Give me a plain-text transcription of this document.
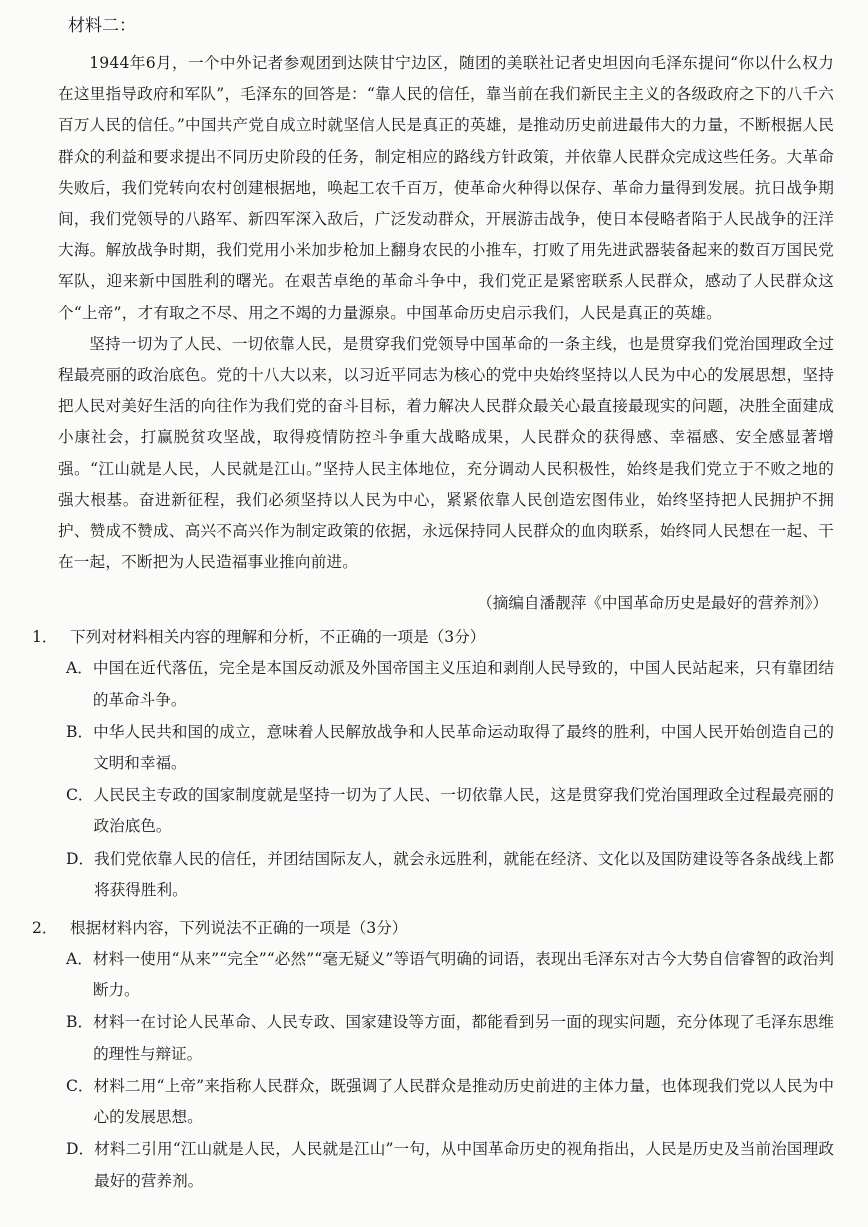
材料二：

1944年6月，一个中外记者参观团到达陕甘宁边区，随团的美联社记者史坦因向毛泽东提问“你以什么权力在这里指导政府和军队”，毛泽东的回答是：“靠人民的信任，靠当前在我们新民主主义的各级政府之下的八千六百万人民的信任。”中国共产党自成立时就坚信人民是真正的英雄，是推动历史前进最伟大的力量，不断根据人民群众的利益和要求提出不同历史阶段的任务，制定相应的路线方针政策，并依靠人民群众完成这些任务。大革命失败后，我们党转向农村创建根据地，唤起工农千百万，使革命火种得以保存、革命力量得到发展。抗日战争期间，我们党领导的八路军、新四军深入敌后，广泛发动群众，开展游击战争，使日本侵略者陷于人民战争的汪洋大海。解放战争时期，我们党用小米加步枪加上翻身农民的小推车，打败了用先进武器装备起来的数百万国民党军队，迎来新中国胜利的曙光。在艰苦卓绝的革命斗争中，我们党正是紧密联系人民群众，感动了人民群众这个“上帝”，才有取之不尽、用之不竭的力量源泉。中国革命历史启示我们，人民是真正的英雄。

坚持一切为了人民、一切依靠人民，是贯穿我们党领导中国革命的一条主线，也是贯穿我们党治国理政全过程最亮丽的政治底色。党的十八大以来，以习近平同志为核心的党中央始终坚持以人民为中心的发展思想，坚持把人民对美好生活的向往作为我们党的奋斗目标，着力解决人民群众最关心最直接最现实的问题，决胜全面建成小康社会，打赢脱贫攻坚战，取得疫情防控斗争重大战略成果，人民群众的获得感、幸福感、安全感显著增强。“江山就是人民，人民就是江山。”坚持人民主体地位，充分调动人民积极性，始终是我们党立于不败之地的强大根基。奋进新征程，我们必须坚持以人民为中心，紧紧依靠人民创造宏图伟业，始终坚持把人民拥护不拥护、赞成不赞成、高兴不高兴作为制定政策的依据，永远保持同人民群众的血肉联系，始终同人民想在一起、干在一起，不断把为人民造福事业推向前进。

（摘编自潘靓萍《中国革命历史是最好的营养剂》）
1． 下列对材料相关内容的理解和分析，不正确的一项是（3分）
A． 中国在近代落伍，完全是本国反动派及外国帝国主义压迫和剥削人民导致的，中国人民站起来，只有靠团结的革命斗争。
B． 中华人民共和国的成立，意味着人民解放战争和人民革命运动取得了最终的胜利，中国人民开始创造自己的文明和幸福。
C． 人民民主专政的国家制度就是坚持一切为了人民、一切依靠人民，这是贯穿我们党治国理政全过程最亮丽的政治底色。
D． 我们党依靠人民的信任，并团结国际友人，就会永远胜利，就能在经济、文化以及国防建设等各条战线上都将获得胜利。
2． 根据材料内容，下列说法不正确的一项是（3分）
A． 材料一使用“从来”“完全”“必然”“毫无疑义”等语气明确的词语，表现出毛泽东对古今大势自信睿智的政治判断力。
B． 材料一在讨论人民革命、人民专政、国家建设等方面，都能看到另一面的现实问题，充分体现了毛泽东思维的理性与辩证。
C． 材料二用“上帝”来指称人民群众，既强调了人民群众是推动历史前进的主体力量，也体现我们党以人民为中心的发展思想。
D． 材料二引用“江山就是人民，人民就是江山”一句，从中国革命历史的视角指出，人民是历史及当前治国理政最好的营养剂。
